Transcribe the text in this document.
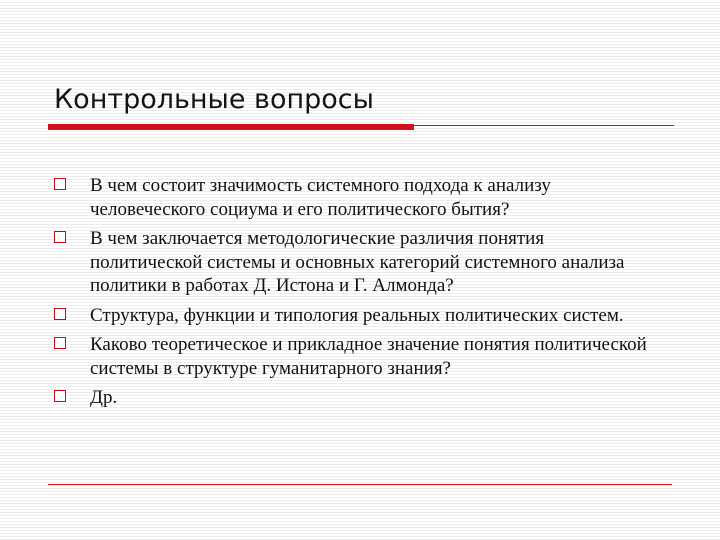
Контрольные вопросы
В чем состоит значимость системного подхода к анализу человеческого социума и его политического бытия?
В чем заключается методологические различия понятия политической системы и основных категорий системного анализа политики в работах Д. Истона и Г. Алмонда?
Структура, функции и типология реальных политических систем.
Каково теоретическое и прикладное значение понятия политической системы в структуре гуманитарного знания?
Др.
